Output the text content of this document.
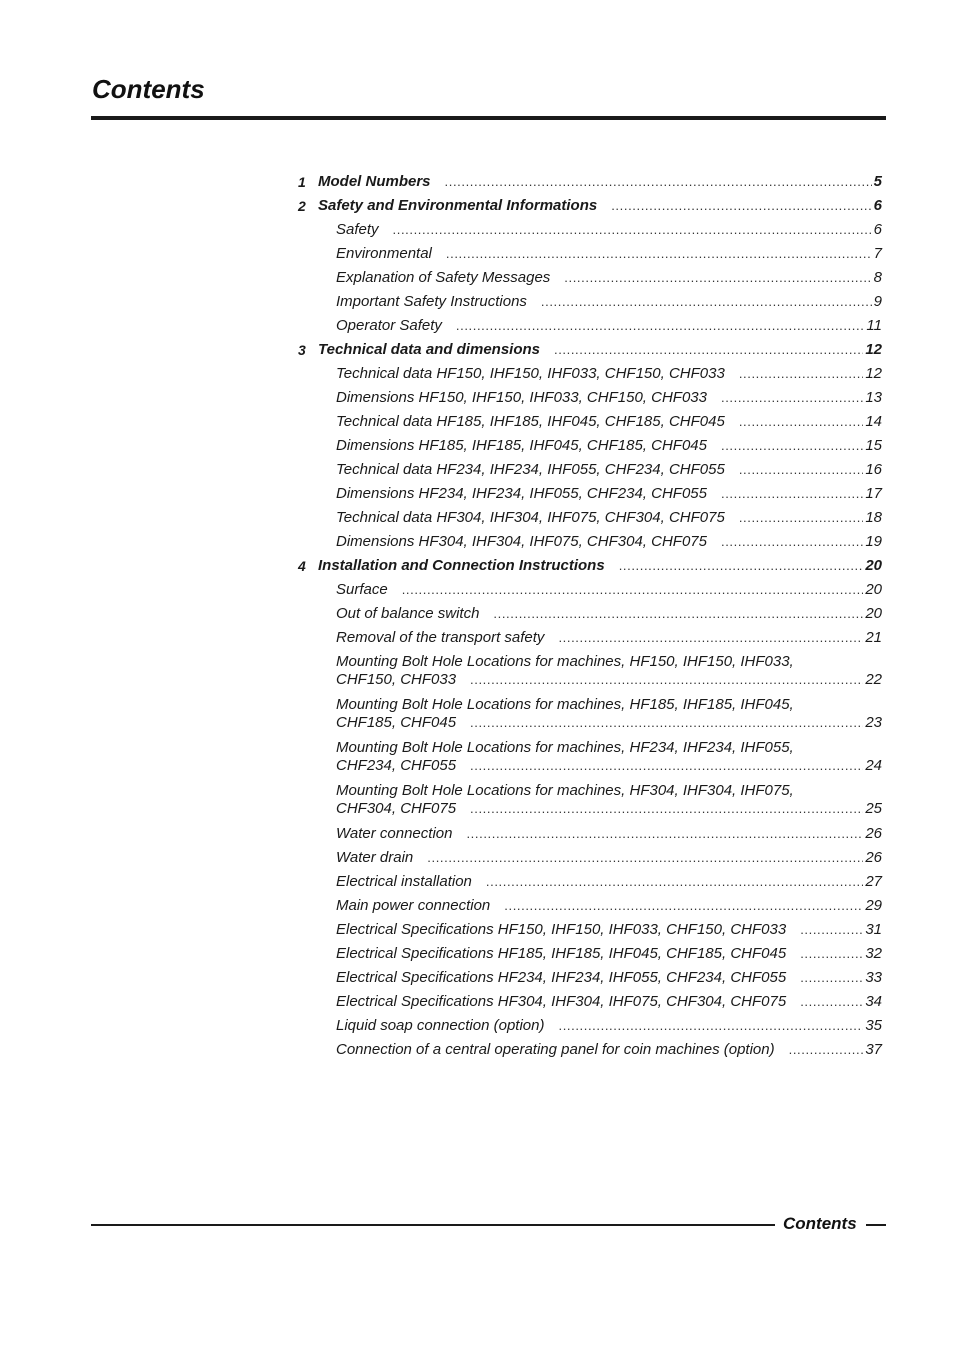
Contents
1 Model Numbers .....	5
2 Safety and Environmental Informations .....	6
Safety .....	6
Environmental .....	7
Explanation of Safety Messages .....	8
Important Safety Instructions .....	9
Operator Safety .....	11
3 Technical data and dimensions .....	12
Technical data HF150, IHF150, IHF033, CHF150, CHF033 .....	12
Dimensions HF150, IHF150, IHF033, CHF150, CHF033 .....	13
Technical data HF185, IHF185, IHF045, CHF185, CHF045 .....	14
Dimensions HF185, IHF185, IHF045, CHF185, CHF045 .....	15
Technical data HF234, IHF234, IHF055, CHF234, CHF055 .....	16
Dimensions HF234, IHF234, IHF055, CHF234, CHF055 .....	17
Technical data HF304, IHF304, IHF075, CHF304, CHF075 .....	18
Dimensions HF304, IHF304, IHF075, CHF304, CHF075 .....	19
4 Installation and Connection Instructions .....	20
Surface .....	20
Out of balance switch .....	20
Removal of the transport safety .....	21
Mounting Bolt Hole Locations for machines, HF150, IHF150, IHF033,
CHF150, CHF033 .....	22
Mounting Bolt Hole Locations for machines, HF185, IHF185, IHF045,
CHF185, CHF045 .....	23
Mounting Bolt Hole Locations for machines, HF234, IHF234, IHF055,
CHF234, CHF055 .....	24
Mounting Bolt Hole Locations for machines, HF304, IHF304, IHF075,
CHF304, CHF075 .....	25
Water connection .....	26
Water drain .....	26
Electrical installation .....	27
Main power connection .....	29
Electrical Specifications HF150, IHF150, IHF033, CHF150, CHF033 .....	31
Electrical Specifications HF185, IHF185, IHF045, CHF185, CHF045 .....	32
Electrical Specifications HF234, IHF234, IHF055, CHF234, CHF055 .....	33
Electrical Specifications HF304, IHF304, IHF075, CHF304, CHF075 .....	34
Liquid soap connection (option) .....	35
Connection of a central operating panel for coin machines (option) .....	37
Contents
